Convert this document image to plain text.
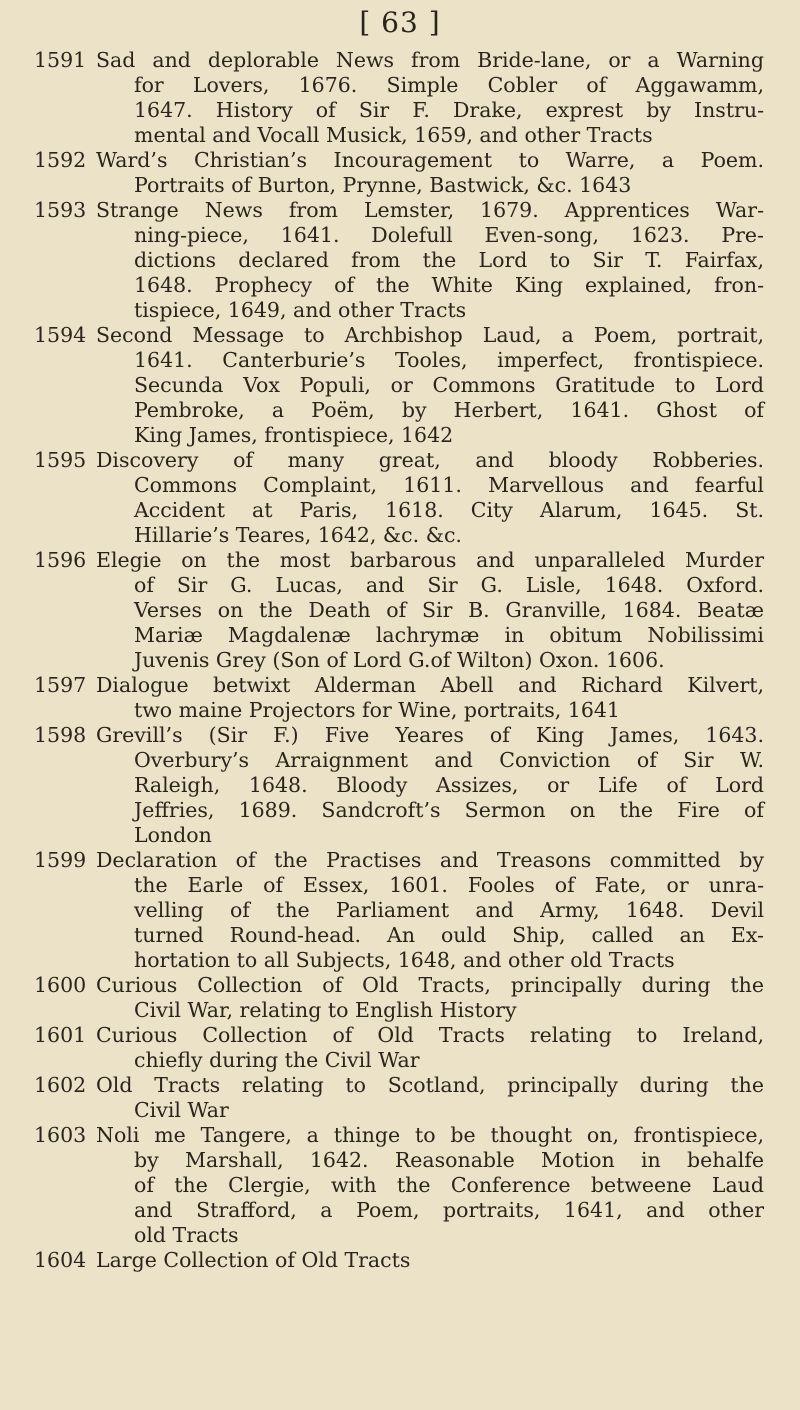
[ 63 ]
1591 Sad and deplorable News from Bride-lane, or a Warning
for Lovers, 1676. Simple Cobler of Aggawamm,
1647. History of Sir F. Drake, exprest by Instru-
mental and Vocall Musick, 1659, and other Tracts
1592 Ward’s Christian’s Incouragement to Warre, a Poem.
Portraits of Burton, Prynne, Bastwick, &c. 1643
1593 Strange News from Lemster, 1679. Apprentices War-
ning-piece, 1641. Dolefull Even-song, 1623. Pre-
dictions declared from the Lord to Sir T. Fairfax,
1648. Prophecy of the White King explained, fron-
tispiece, 1649, and other Tracts
1594 Second Message to Archbishop Laud, a Poem, portrait,
1641. Canterburie’s Tooles, imperfect, frontispiece.
Secunda Vox Populi, or Commons Gratitude to Lord
Pembroke, a Poëm, by Herbert, 1641. Ghost of
King James, frontispiece, 1642
1595 Discovery of many great, and bloody Robberies.
Commons Complaint, 1611. Marvellous and fearful
Accident at Paris, 1618. City Alarum, 1645. St.
Hillarie’s Teares, 1642, &c. &c.
1596 Elegie on the most barbarous and unparalleled Murder
of Sir G. Lucas, and Sir G. Lisle, 1648. Oxford.
Verses on the Death of Sir B. Granville, 1684. Beatæ
Mariæ Magdalenæ lachrymæ in obitum Nobilissimi
Juvenis Grey (Son of Lord G.of Wilton) Oxon. 1606.
1597 Dialogue betwixt Alderman Abell and Richard Kilvert,
two maine Projectors for Wine, portraits, 1641
1598 Grevill’s (Sir F.) Five Yeares of King James, 1643.
Overbury’s Arraignment and Conviction of Sir W.
Raleigh, 1648. Bloody Assizes, or Life of Lord
Jeffries, 1689. Sandcroft’s Sermon on the Fire of
London
1599 Declaration of the Practises and Treasons committed by
the Earle of Essex, 1601. Fooles of Fate, or unra-
velling of the Parliament and Army, 1648. Devil
turned Round-head. An ould Ship, called an Ex-
hortation to all Subjects, 1648, and other old Tracts
1600 Curious Collection of Old Tracts, principally during the
Civil War, relating to English History
1601 Curious Collection of Old Tracts relating to Ireland,
chiefly during the Civil War
1602 Old Tracts relating to Scotland, principally during the
Civil War
1603 Noli me Tangere, a thinge to be thought on, frontispiece,
by Marshall, 1642. Reasonable Motion in behalfe
of the Clergie, with the Conference betweene Laud
and Strafford, a Poem, portraits, 1641, and other
old Tracts
1604 Large Collection of Old Tracts
